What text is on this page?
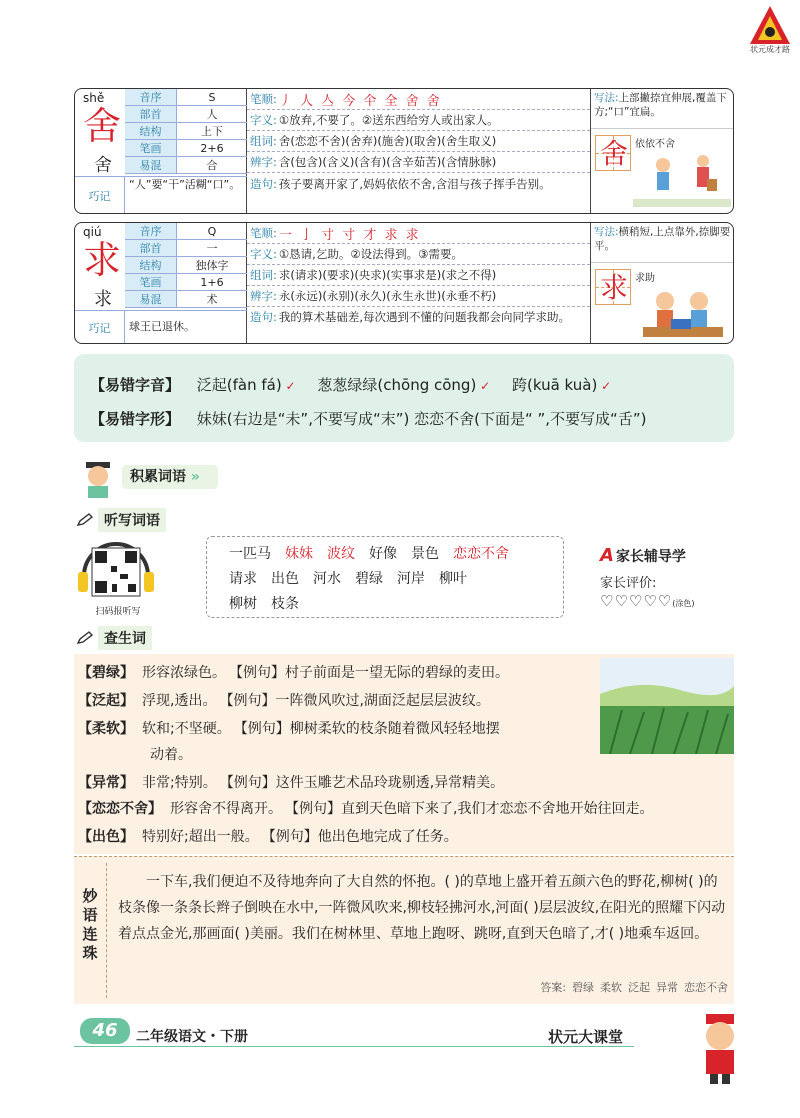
状元成才路
shě
舍
舍
音序	S
部首	人
结构	上下
笔画	2+6
易混	合
巧记
“人”要“干”活糊“口”。
笔顺: 丿 人 亼 今 仐 全 舍 舍
字义: ①放弃,不要了。②送东西给穷人或出家人。
组词: 舍(恋恋不舍)(舍弃)(施舍)(取舍)(舍生取义)
辨字: 含(包含)(含义)(含有)(含辛茹苦)(含情脉脉)
造句: 孩子要离开家了,妈妈依依不舍,含泪与孩子挥手告别。
写法:上部撇捺宜伸展,覆盖下方;“口”宜扁。
舍 依依不舍
qiú
求
求
音序	Q
部首	一
结构	独体字
笔画	1+6
易混	术
巧记	球王已退休。
笔顺: 一 亅 寸 寸 才 求 求
字义: ①恳请,乞助。②设法得到。③需要。
组词: 求(请求)(要求)(央求)(实事求是)(求之不得)
辨字: 永(永远)(永别)(永久)(永生永世)(永垂不朽)
造句: 我的算术基础差,每次遇到不懂的问题我都会向同学求助。
写法:横稍短,上点靠外,捺脚要平。
求 求助
【易错字音】 泛起(fàn fá) ✓ 葱葱绿绿(chōng cōng) ✓ 跨(kuā kuà) ✓
【易错字形】 妹妹(右边是“未”,不要写成“末”) 恋恋不舍(下面是“ ”,不要写成“舌”)
积累词语 »
听写词语
扫码报听写
一匹马 妹妹 波纹 好像 景色 恋恋不舍
请求 出色 河水 碧绿 河岸 柳叶
柳树 枝条
A 家长辅导学
家长评价:
♡♡♡♡♡(涂色)
查生词
【碧绿】 形容浓绿色。 【例句】村子前面是一望无际的碧绿的麦田。
【泛起】 浮现,透出。 【例句】一阵微风吹过,湖面泛起层层波纹。
【柔软】 软和;不坚硬。 【例句】柳树柔软的枝条随着微风轻轻地摆
动着。
【异常】 非常;特别。 【例句】这件玉雕艺术品玲珑剔透,异常精美。
【恋恋不舍】 形容舍不得离开。 【例句】直到天色暗下来了,我们才恋恋不舍地开始往回走。
【出色】 特别好;超出一般。 【例句】他出色地完成了任务。
妙语连珠
一下车,我们便迫不及待地奔向了大自然的怀抱。( )的草地上盛开着五颜六色的野花,柳树( )的枝条像一条条长辫子倒映在水中,一阵微风吹来,柳枝轻拂河水,河面( )层层波纹,在阳光的照耀下闪动着点点金光,那画面( )美丽。我们在树林里、草地上跑呀、跳呀,直到天色暗了,才( )地乘车返回。
答案: 碧绿 柔软 泛起 异常 恋恋不舍
46	二年级语文・下册	状元大课堂
